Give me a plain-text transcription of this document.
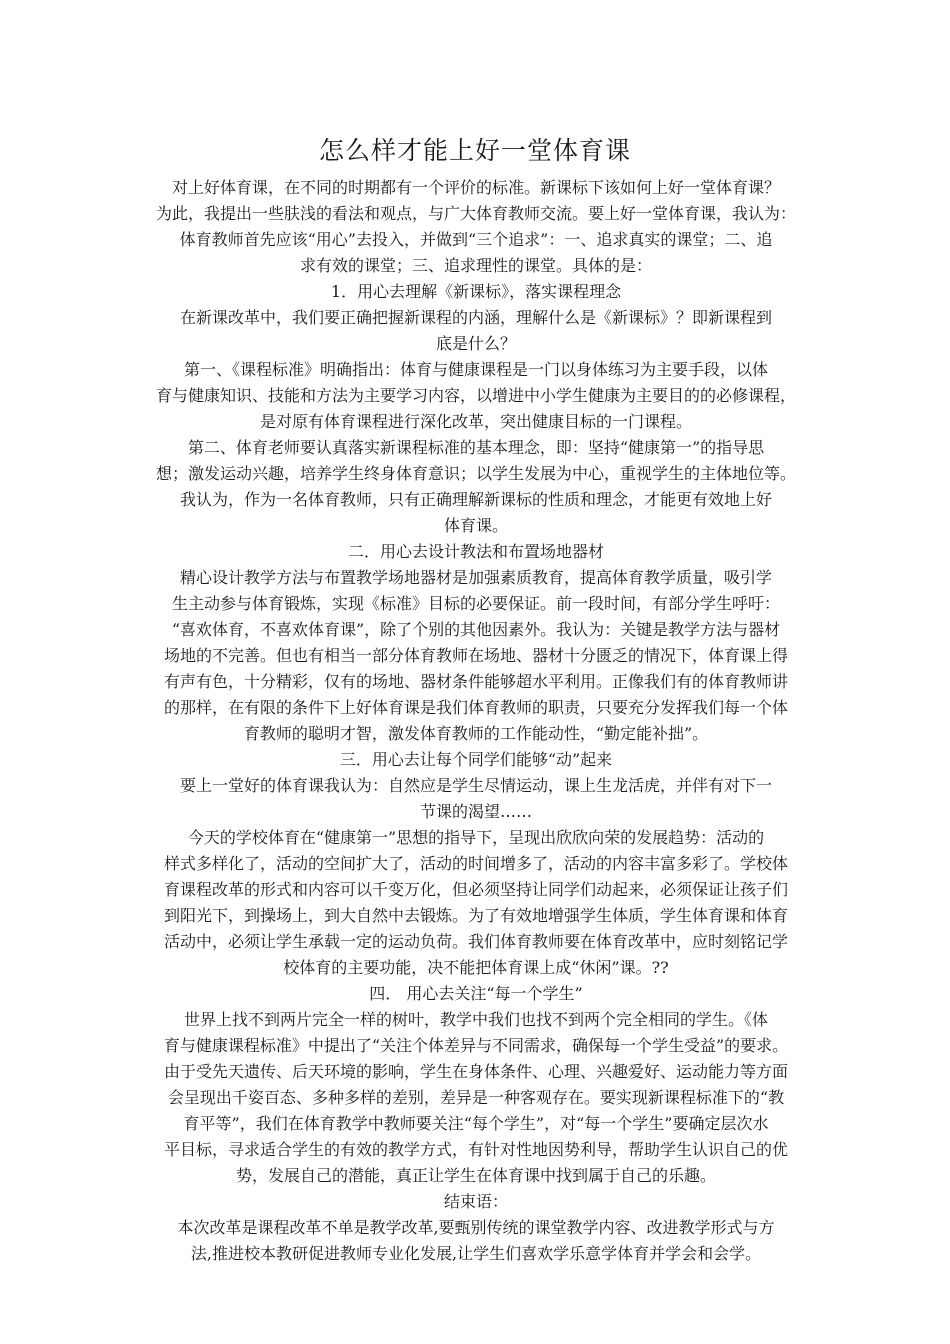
怎么样才能上好一堂体育课

对上好体育课，在不同的时期都有一个评价的标准。新课标下该如何上好一堂体育课？
为此，我提出一些肤浅的看法和观点，与广大体育教师交流。要上好一堂体育课，我认为：
体育教师首先应该“用心”去投入，并做到“三个追求”：一、追求真实的课堂；二、追
求有效的课堂；三、追求理性的课堂。具体的是：

1．用心去理解《新课标》，落实课程理念

在新课改革中，我们要正确把握新课程的内涵，理解什么是《新课标》？即新课程到
底是什么？

第一、《课程标准》明确指出：体育与健康课程是一门以身体练习为主要手段，以体
育与健康知识、技能和方法为主要学习内容，以增进中小学生健康为主要目的的必修课程，
是对原有体育课程进行深化改革，突出健康目标的一门课程。

第二、体育老师要认真落实新课程标准的基本理念，即：坚持“健康第一”的指导思
想；激发运动兴趣，培养学生终身体育意识；以学生发展为中心，重视学生的主体地位等。

我认为，作为一名体育教师，只有正确理解新课标的性质和理念，才能更有效地上好
体育课。

二．用心去设计教法和布置场地器材

精心设计教学方法与布置教学场地器材是加强素质教育，提高体育教学质量，吸引学
生主动参与体育锻炼，实现《标准》目标的必要保证。前一段时间，有部分学生呼吁：
“喜欢体育，不喜欢体育课”，除了个别的其他因素外。我认为：关键是教学方法与器材
场地的不完善。但也有相当一部分体育教师在场地、器材十分匮乏的情况下，体育课上得
有声有色，十分精彩，仅有的场地、器材条件能够超水平利用。正像我们有的体育教师讲
的那样，在有限的条件下上好体育课是我们体育教师的职责，只要充分发挥我们每一个体
育教师的聪明才智，激发体育教师的工作能动性，“勤定能补拙”。

三．用心去让每个同学们能够“动”起来

要上一堂好的体育课我认为：自然应是学生尽情运动，课上生龙活虎，并伴有对下一
节课的渴望……

今天的学校体育在“健康第一”思想的指导下，呈现出欣欣向荣的发展趋势：活动的
样式多样化了，活动的空间扩大了，活动的时间增多了，活动的内容丰富多彩了。学校体
育课程改革的形式和内容可以千变万化，但必须坚持让同学们动起来，必须保证让孩子们
到阳光下，到操场上，到大自然中去锻炼。为了有效地增强学生体质，学生体育课和体育
活动中，必须让学生承载一定的运动负荷。我们体育教师要在体育改革中，应时刻铭记学
校体育的主要功能，决不能把体育课上成“休闲”课。??

四． 用心去关注“每一个学生”

世界上找不到两片完全一样的树叶，教学中我们也找不到两个完全相同的学生。《体
育与健康课程标准》中提出了“关注个体差异与不同需求，确保每一个学生受益”的要求。
由于受先天遗传、后天环境的影响，学生在身体条件、心理、兴趣爱好、运动能力等方面
会呈现出千姿百态、多种多样的差别，差异是一种客观存在。要实现新课程标准下的“教
育平等”，我们在体育教学中教师要关注“每个学生”，对“每一个学生”要确定层次水
平目标，寻求适合学生的有效的教学方式，有针对性地因势利导，帮助学生认识自己的优
势，发展自己的潜能，真正让学生在体育课中找到属于自己的乐趣。

结束语：

本次改革是课程改革不单是教学改革,要甄别传统的课堂教学内容、改进教学形式与方
法,推进校本教研促进教师专业化发展,让学生们喜欢学乐意学体育并学会和会学。
